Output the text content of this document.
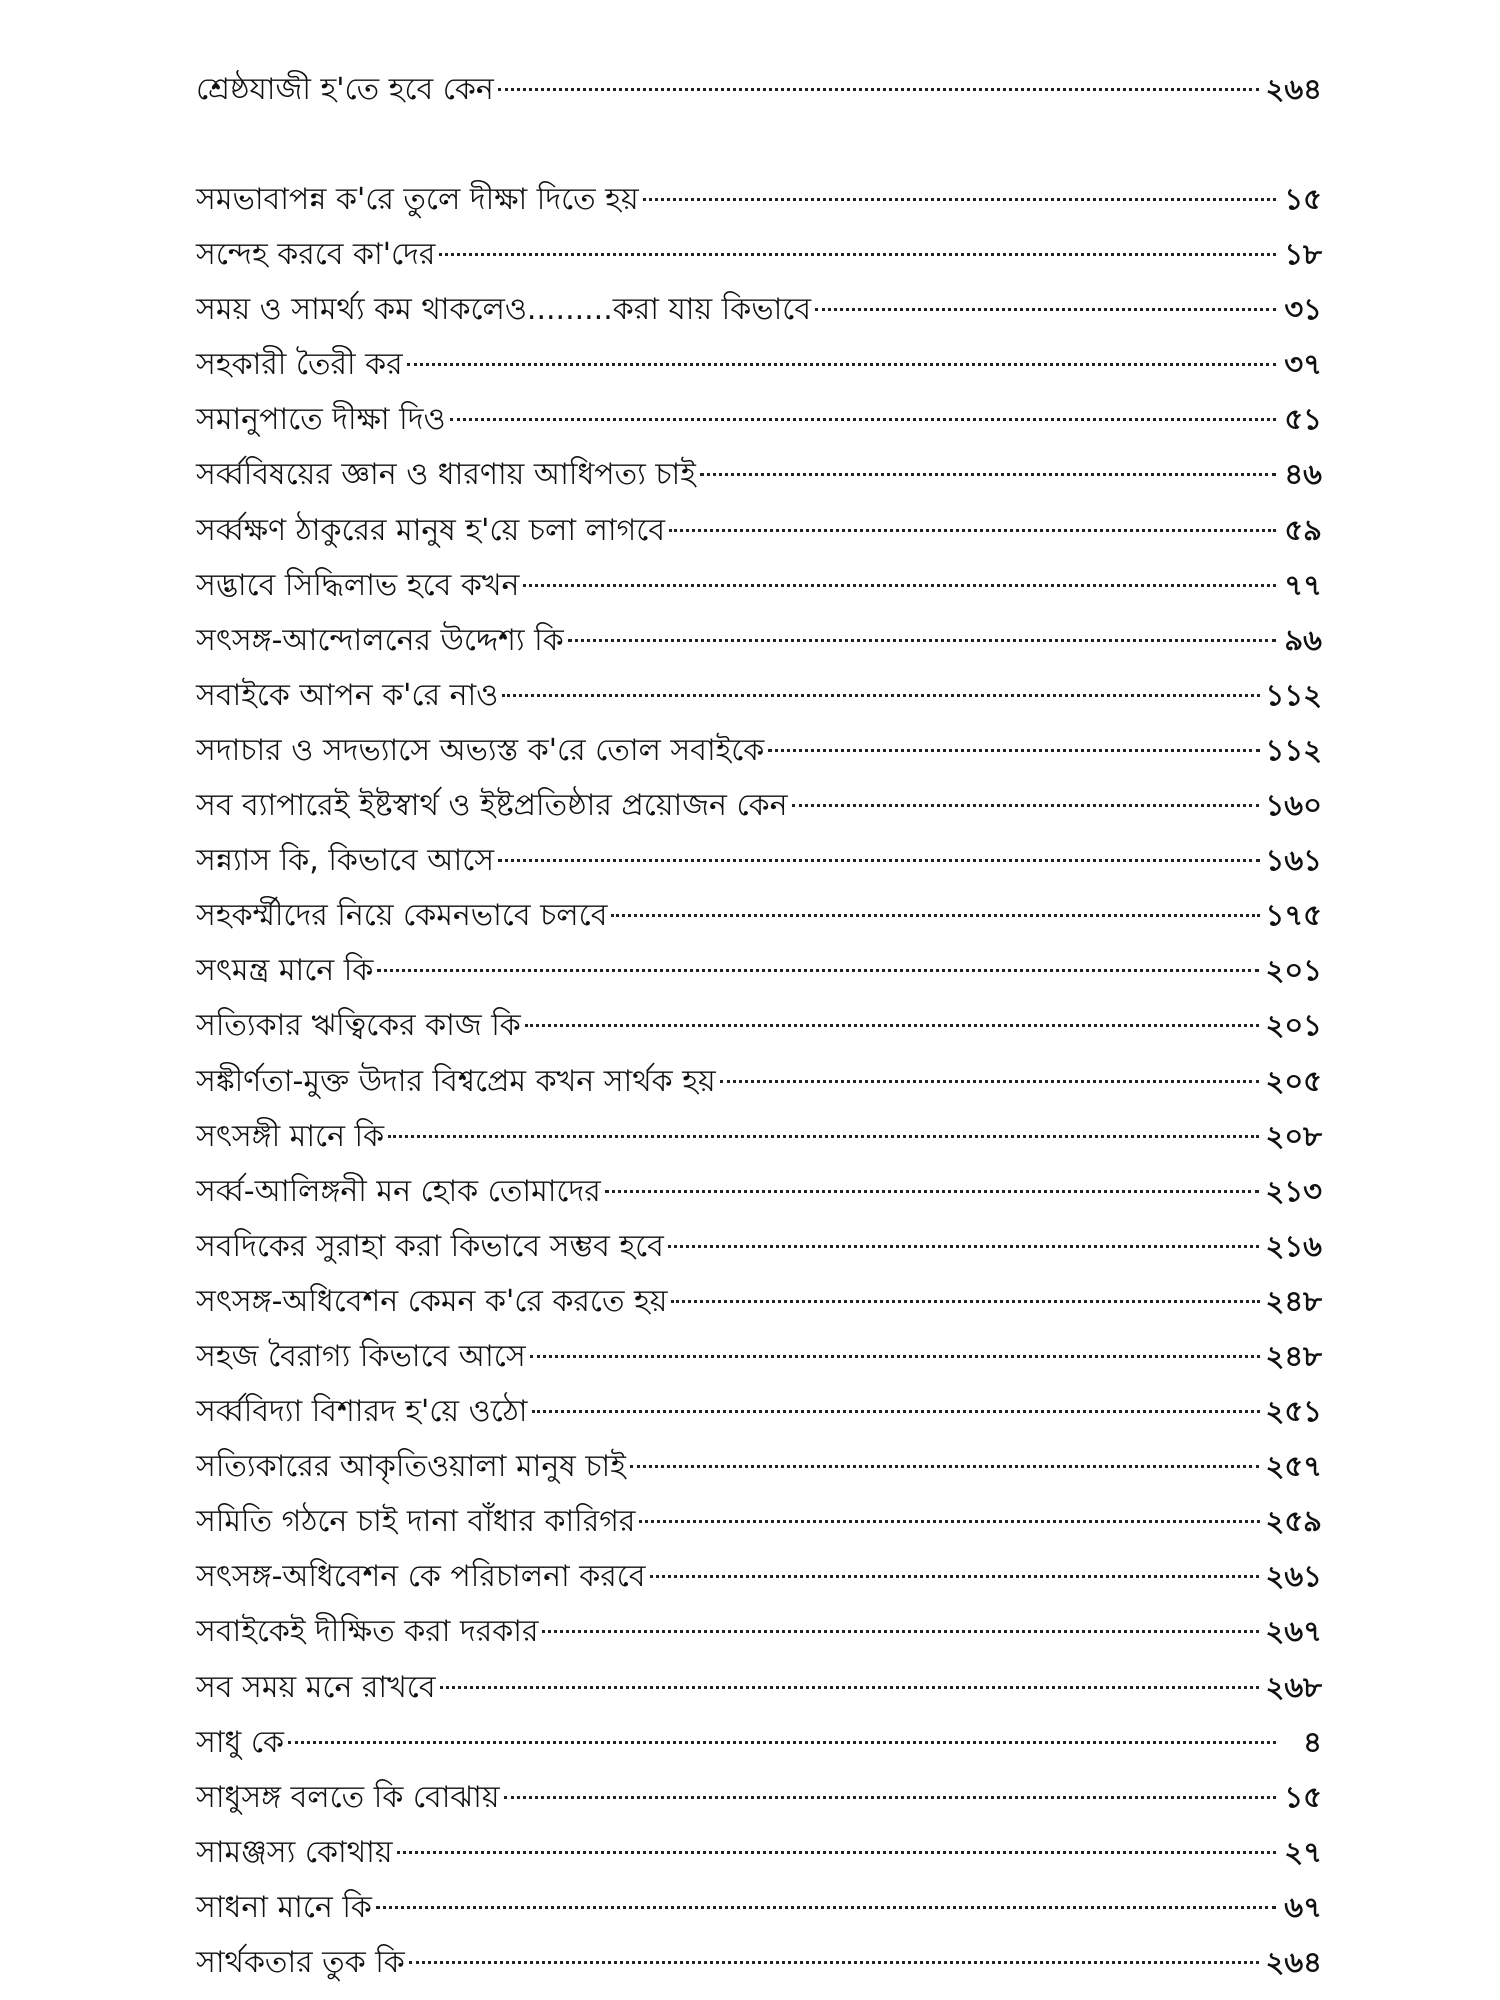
শ্রেষ্ঠযাজী হ'তে হবে কেন	২৬৪
সমভাবাপন্ন ক'রে তুলে দীক্ষা দিতে হয়	১৫
সন্দেহ করবে কা'দের	১৮
সময় ও সামর্থ্য কম থাকলেও.........করা যায় কিভাবে	৩১
সহকারী তৈরী কর	৩৭
সমানুপাতে দীক্ষা দিও	৫১
সর্ব্ববিষয়ের জ্ঞান ও ধারণায় আধিপত্য চাই	৪৬
সর্ব্বক্ষণ ঠাকুরের মানুষ হ'য়ে চলা লাগবে	৫৯
সদ্ভাবে সিদ্ধিলাভ হবে কখন	৭৭
সৎসঙ্গ-আন্দোলনের উদ্দেশ্য কি	৯৬
সবাইকে আপন ক'রে নাও	১১২
সদাচার ও সদভ্যাসে অভ্যস্ত ক'রে তোল সবাইকে	১১২
সব ব্যাপারেই ইষ্টস্বার্থ ও ইষ্টপ্রতিষ্ঠার প্রয়োজন কেন	১৬০
সন্ন্যাস কি, কিভাবে আসে	১৬১
সহকর্ম্মীদের নিয়ে কেমনভাবে চলবে	১৭৫
সৎমন্ত্র মানে কি	২০১
সত্যিকার ঋত্বিকের কাজ কি	২০১
সঙ্কীর্ণতা-মুক্ত উদার বিশ্বপ্রেম কখন সার্থক হয়	২০৫
সৎসঙ্গী মানে কি	২০৮
সর্ব্ব-আলিঙ্গনী মন হোক তোমাদের	২১৩
সবদিকের সুরাহা করা কিভাবে সম্ভব হবে	২১৬
সৎসঙ্গ-অধিবেশন কেমন ক'রে করতে হয়	২৪৮
সহজ বৈরাগ্য কিভাবে আসে	২৪৮
সর্ব্ববিদ্যা বিশারদ হ'য়ে ওঠো	২৫১
সত্যিকারের আকৃতিওয়ালা মানুষ চাই	২৫৭
সমিতি গঠনে চাই দানা বাঁধার কারিগর	২৫৯
সৎসঙ্গ-অধিবেশন কে পরিচালনা করবে	২৬১
সবাইকেই দীক্ষিত করা দরকার	২৬৭
সব সময় মনে রাখবে	২৬৮
সাধু কে	৪
সাধুসঙ্গ বলতে কি বোঝায়	১৫
সামঞ্জস্য কোথায়	২৭
সাধনা মানে কি	৬৭
সার্থকতার তুক কি	২৬৪
